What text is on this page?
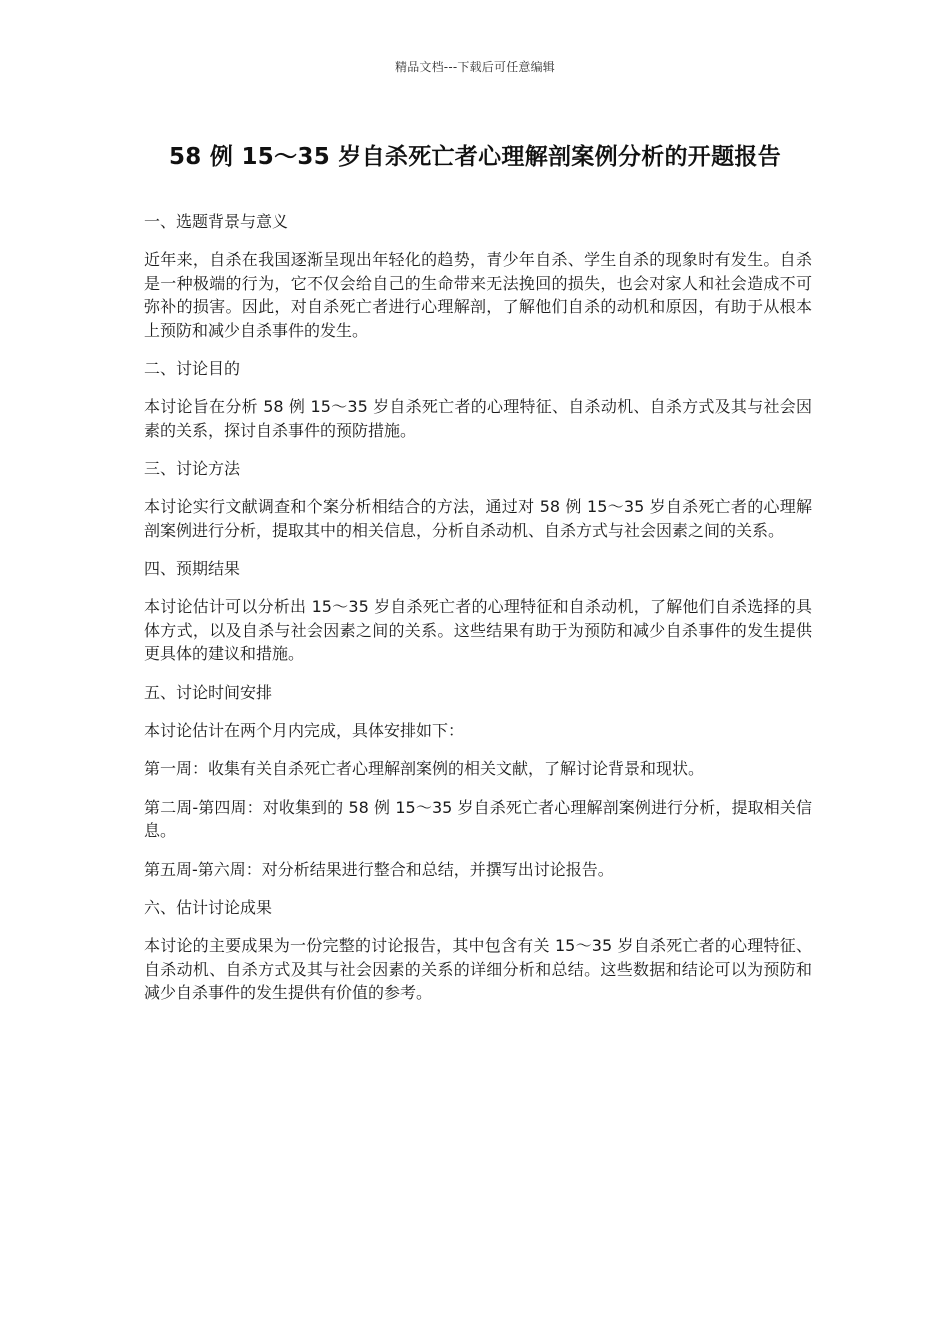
精品文档---下载后可任意编辑
58 例 15～35 岁自杀死亡者心理解剖案例分析的开题报告
一、选题背景与意义
近年来，自杀在我国逐渐呈现出年轻化的趋势，青少年自杀、学生自杀的现象时有发生。自杀是一种极端的行为，它不仅会给自己的生命带来无法挽回的损失，也会对家人和社会造成不可弥补的损害。因此，对自杀死亡者进行心理解剖，了解他们自杀的动机和原因，有助于从根本上预防和减少自杀事件的发生。
二、讨论目的
本讨论旨在分析 58 例 15～35 岁自杀死亡者的心理特征、自杀动机、自杀方式及其与社会因素的关系，探讨自杀事件的预防措施。
三、讨论方法
本讨论实行文献调查和个案分析相结合的方法，通过对 58 例 15～35 岁自杀死亡者的心理解剖案例进行分析，提取其中的相关信息，分析自杀动机、自杀方式与社会因素之间的关系。
四、预期结果
本讨论估计可以分析出 15～35 岁自杀死亡者的心理特征和自杀动机，了解他们自杀选择的具体方式，以及自杀与社会因素之间的关系。这些结果有助于为预防和减少自杀事件的发生提供更具体的建议和措施。
五、讨论时间安排
本讨论估计在两个月内完成，具体安排如下：
第一周：收集有关自杀死亡者心理解剖案例的相关文献，了解讨论背景和现状。
第二周-第四周：对收集到的 58 例 15～35 岁自杀死亡者心理解剖案例进行分析，提取相关信息。
第五周-第六周：对分析结果进行整合和总结，并撰写出讨论报告。
六、估计讨论成果
本讨论的主要成果为一份完整的讨论报告，其中包含有关 15～35 岁自杀死亡者的心理特征、自杀动机、自杀方式及其与社会因素的关系的详细分析和总结。这些数据和结论可以为预防和减少自杀事件的发生提供有价值的参考。
